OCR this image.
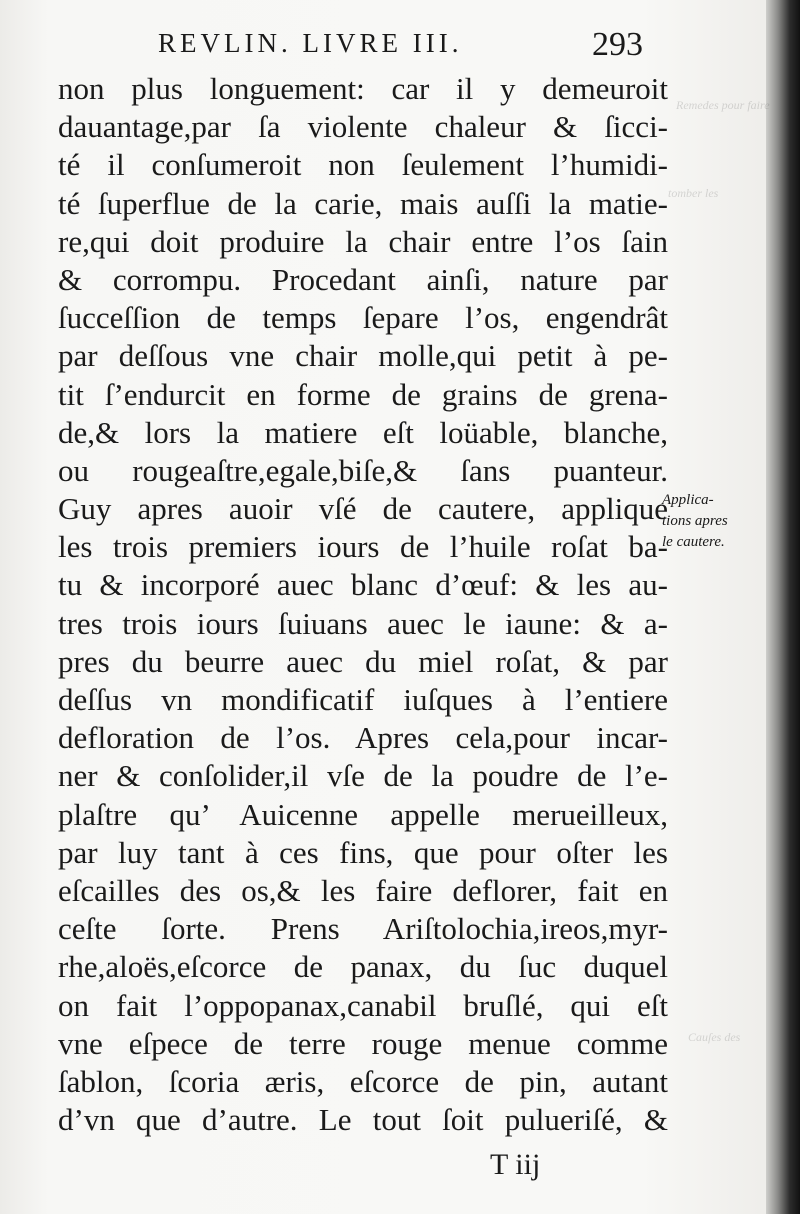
Remedes pour faire
tomber les
Cauſes des
REVLIN. LIVRE III.	293
non plus longuement: car il y demeuroit
dauantage,par ſa violente chaleur & ſicci-
té il conſumeroit non ſeulement l’humidi-
té ſuperflue de la carie, mais auſſi la matie-
re,qui doit produire la chair entre l’os ſain
& corrompu. Procedant ainſi, nature par
ſucceſſion de temps ſepare l’os, engendrât
par deſſous vne chair molle,qui petit à pe-
tit ſ’endurcit en forme de grains de grena-
de,& lors la matiere eſt loüable, blanche,
ou rougeaſtre,egale,biſe,& ſans puanteur.
Guy apres auoir vſé de cautere, applique
les trois premiers iours de l’huile roſat ba-
tu & incorporé auec blanc d’œuf: & les au-
tres trois iours ſuiuans auec le iaune: & a-
pres du beurre auec du miel roſat, & par
deſſus vn mondificatif iuſques à l’entiere
defloration de l’os. Apres cela,pour incar-
ner & conſolider,il vſe de la poudre de l’e-
plaſtre qu’ Auicenne appelle merueilleux,
par luy tant à ces fins, que pour oſter les
eſcailles des os,& les faire deflorer, fait en
ceſte ſorte. Prens Ariſtolochia,ireos,myr-
rhe,aloës,eſcorce de panax, du ſuc duquel
on fait l’oppopanax,canabil bruſlé, qui eſt
vne eſpece de terre rouge menue comme
ſablon, ſcoria æris, eſcorce de pin, autant
d’vn que d’autre. Le tout ſoit pulueriſé, &
Applica-
tions apres
le cautere.
T iij
